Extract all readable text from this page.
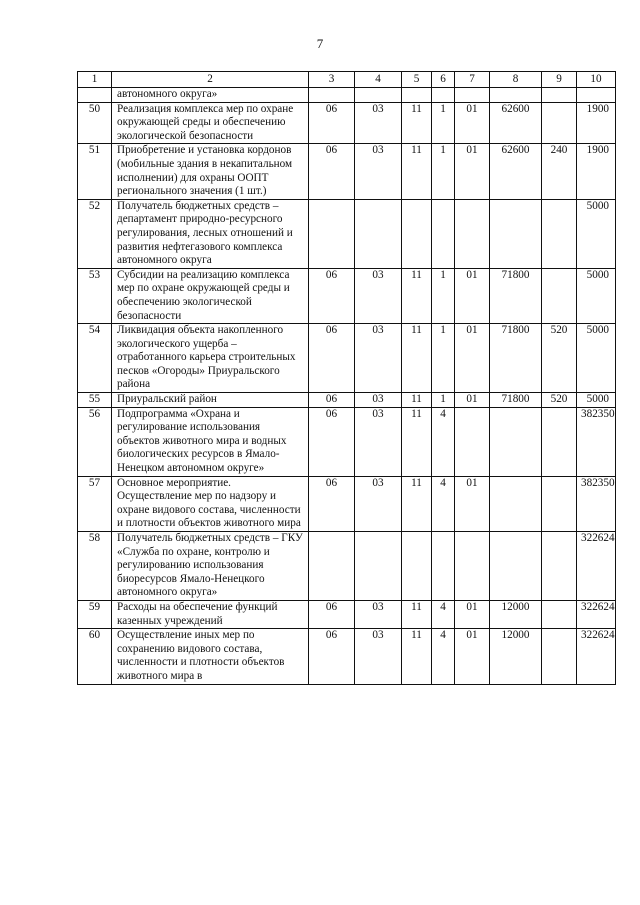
7
1	2	3	4	5	6	7	8	9	10
	автономного округа»								
50	Реализация комплекса мер по охране окружающей среды и обеспечению экологической безопасности	06	03	11	1	01	62600		1900
51	Приобретение и установка кордонов (мобильные здания в некапитальном исполнении) для охраны ООПТ регионального значения (1 шт.)	06	03	11	1	01	62600	240	1900
52	Получатель бюджетных средств – департамент природно-ресурсного регулирования, лесных отношений и развития нефтегазового комплекса автономного округа								5000
53	Субсидии на реализацию комплекса мер по охране окружающей среды и обеспечению экологической безопасности	06	03	11	1	01	71800		5000
54	Ликвидация объекта накопленного экологического ущерба – отработанного карьера строительных песков «Огороды» Приуральского района	06	03	11	1	01	71800	520	5000
55	Приуральский район	06	03	11	1	01	71800	520	5000
56	Подпрограмма «Охрана и регулирование использования объектов животного мира и водных биологических ресурсов в Ямало-Ненецком автономном округе»	06	03	11	4				382350
57	Основное мероприятие. Осуществление мер по надзору и охране видового состава, численности и плотности объектов животного мира	06	03	11	4	01			382350
58	Получатель бюджетных средств – ГКУ «Служба по охране, контролю и регулированию использования биоресурсов Ямало-Ненецкого автономного округа»								322624
59	Расходы на обеспечение функций казенных учреждений	06	03	11	4	01	12000		322624
60	Осуществление иных мер по сохранению видового состава, численности и плотности объектов животного мира в	06	03	11	4	01	12000		322624
